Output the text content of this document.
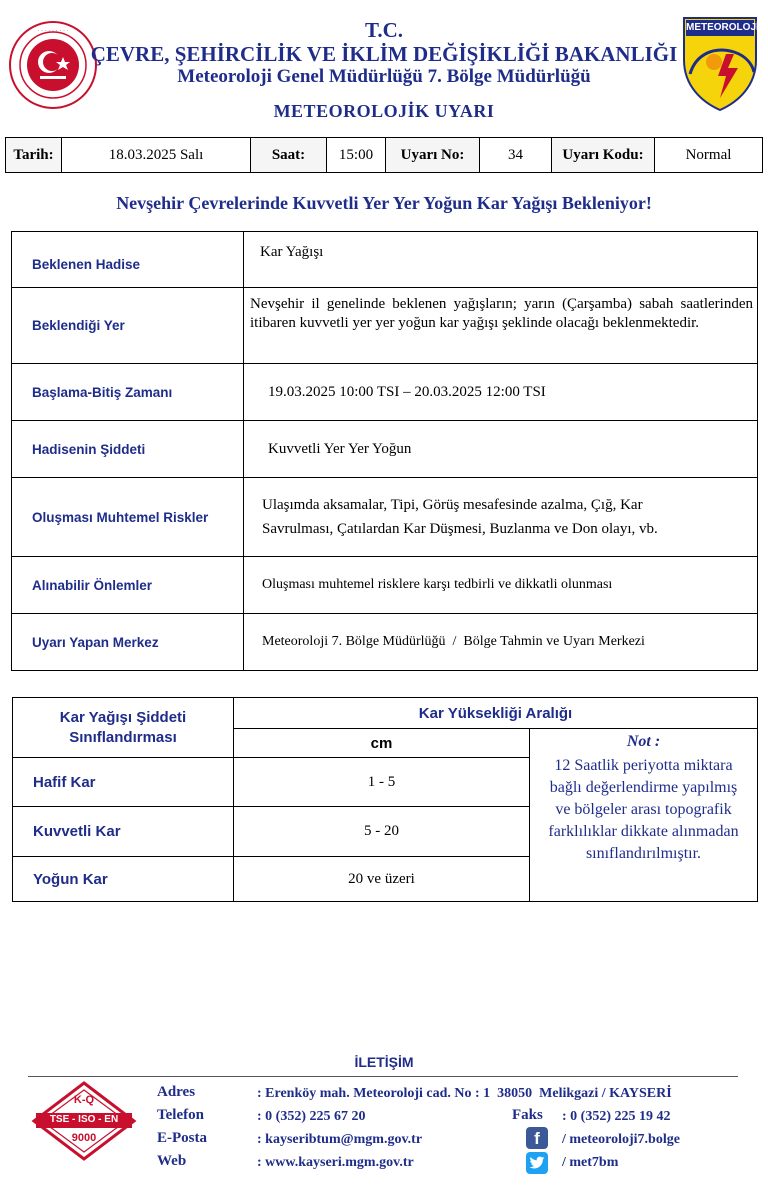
· · · · · · · · ·	T.C.
ÇEVRE, ŞEHİRCİLİK VE İKLİM DEĞİŞİKLİĞİ BAKANLIĞI
Meteoroloji Genel Müdürlüğü 7. Bölge Müdürlüğü
METEOROLOJİK UYARI
METEOROLOJİ
Tarih:	18.03.2025 Salı	Saat:	15:00	Uyarı No:	34	Uyarı Kodu:	Normal
Nevşehir Çevrelerinde Kuvvetli Yer Yer Yoğun Kar Yağışı Bekleniyor!
Beklenen Hadise	Kar Yağışı
Beklendiği Yer	Nevşehir il genelinde beklenen yağışların; yarın (Çarşamba) sabah saatlerinden itibaren kuvvetli yer yer yoğun kar yağışı şeklinde olacağı beklenmektedir.
Başlama-Bitiş Zamanı	19.03.2025 10:00 TSI – 20.03.2025 12:00 TSI
Hadisenin Şiddeti	Kuvvetli Yer Yer Yoğun
Oluşması Muhtemel Riskler	Ulaşımda aksamalar, Tipi, Görüş mesafesinde azalma, Çığ, Kar Savrulması, Çatılardan Kar Düşmesi, Buzlanma ve Don olayı, vb.
Alınabilir Önlemler	Oluşması muhtemel risklere karşı tedbirli ve dikkatli olunması
Uyarı Yapan Merkez	Meteoroloji 7. Bölge Müdürlüğü  /  Bölge Tahmin ve Uyarı Merkezi
Kar Yağışı Şiddeti Sınıflandırması	Kar Yüksekliği Aralığı	
	cm	Not :
12 Saatlik periyotta miktara bağlı değerlendirme yapılmış ve bölgeler arası topografik farklılıklar dikkate alınmadan sınıflandırılmıştır.

Hafif Kar	1 - 5	
Kuvvetli Kar	5 - 20	
Yoğun Kar	20 ve üzeri	
İLETİŞİM
K-Q
TSE - ISO - EN
9000
Adres	: Erenköy mah. Meteoroloji cad. No : 1  38050  Melikgazi / KAYSERİ
Telefon	: 0 (352) 225 67 20	Faks : 0 (352) 225 19 42
E-Posta	: kayseribtum@mgm.gov.tr	f	/ meteoroloji7.bolge
Web	: www.kayseri.mgm.gov.tr	/ met7bm
